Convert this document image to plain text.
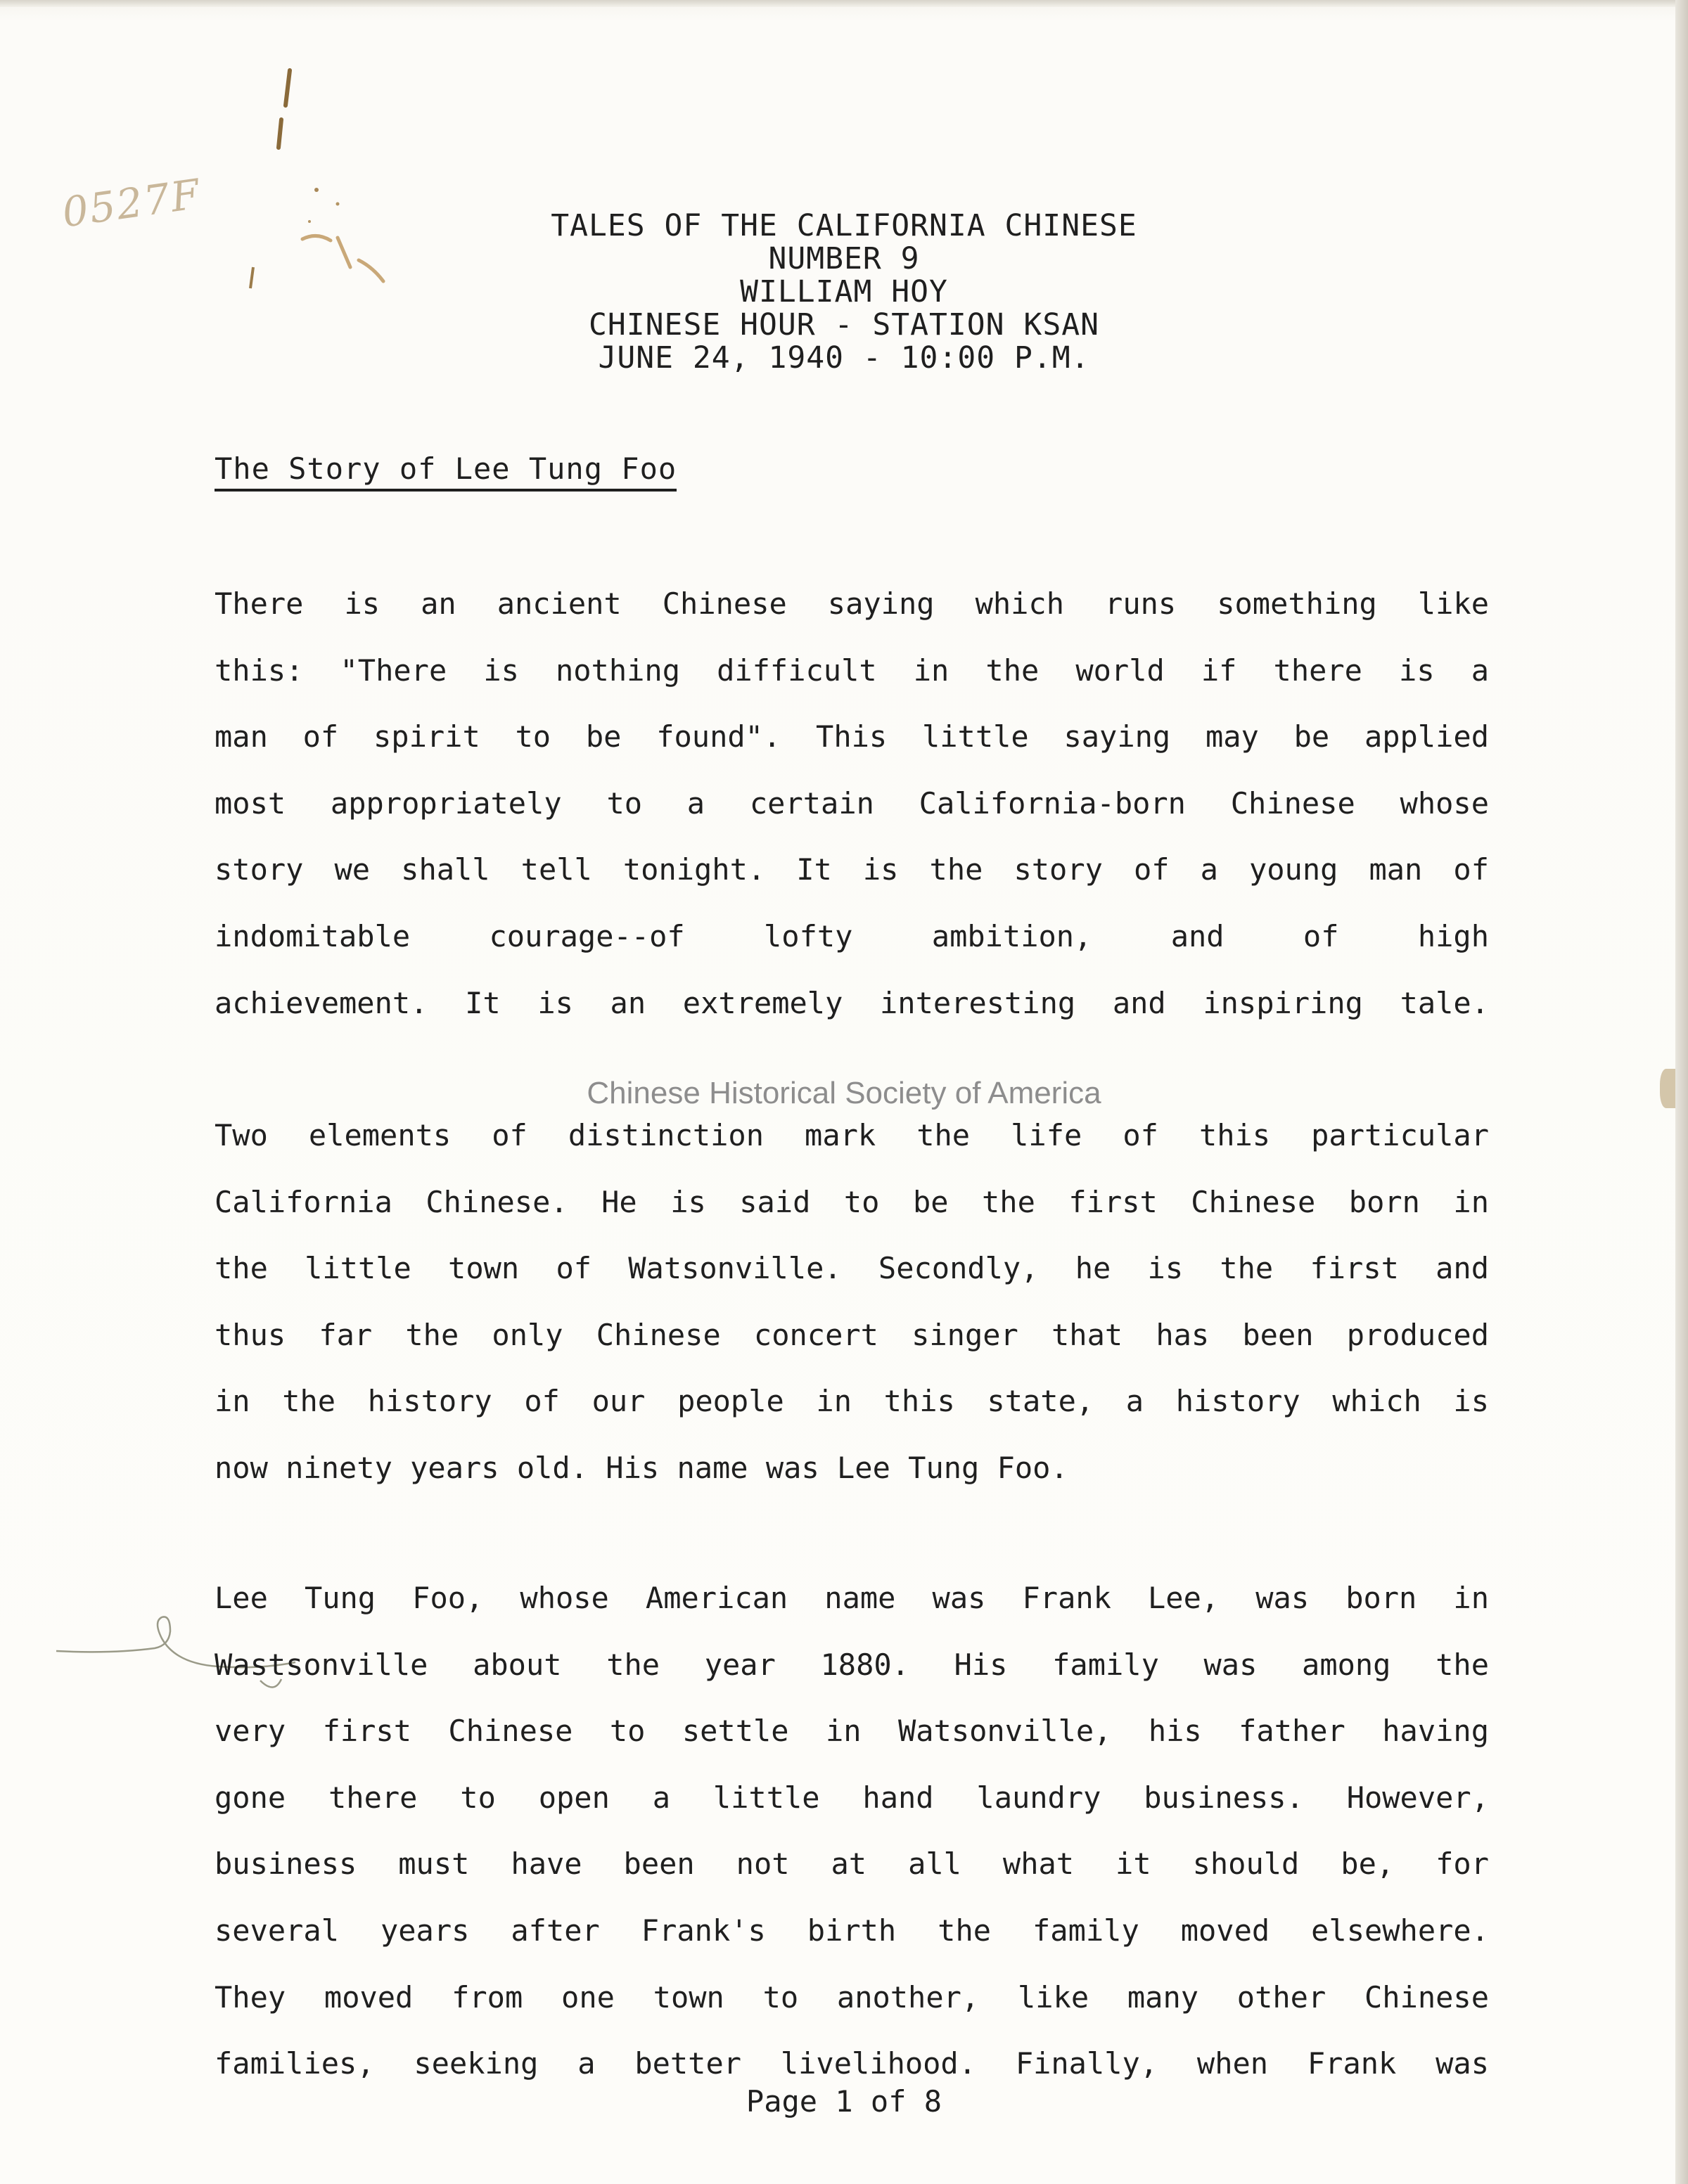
0527F	TALES OF THE CALIFORNIA CHINESE
NUMBER 9
WILLIAM HOY
CHINESE HOUR - STATION KSAN
JUNE 24, 1940 - 10:00 P.M.
The Story of Lee Tung Foo
There is an ancient Chinese saying which runs something like
this: "There is nothing difficult in the world if there is a
man of spirit to be found". This little saying may be applied
most appropriately to a certain California-born Chinese whose
story we shall tell tonight. It is the story of a young man of
indomitable courage--of lofty ambition, and of high
achievement. It is an extremely interesting and inspiring tale.
Chinese Historical Society of America
Two elements of distinction mark the life of this particular
California Chinese. He is said to be the first Chinese born in
the little town of Watsonville. Secondly, he is the first and
thus far the only Chinese concert singer that has been produced
in the history of our people in this state, a history which is
now ninety years old. His name was Lee Tung Foo.
Lee Tung Foo, whose American name was Frank Lee, was born in
Wastsonville about the year 1880. His family was among the
very first Chinese to settle in Watsonville, his father having
gone there to open a little hand laundry business. However,
business must have been not at all what it should be, for
several years after Frank's birth the family moved elsewhere.
They moved from one town to another, like many other Chinese
families, seeking a better livelihood. Finally, when Frank was
Page 1 of 8
